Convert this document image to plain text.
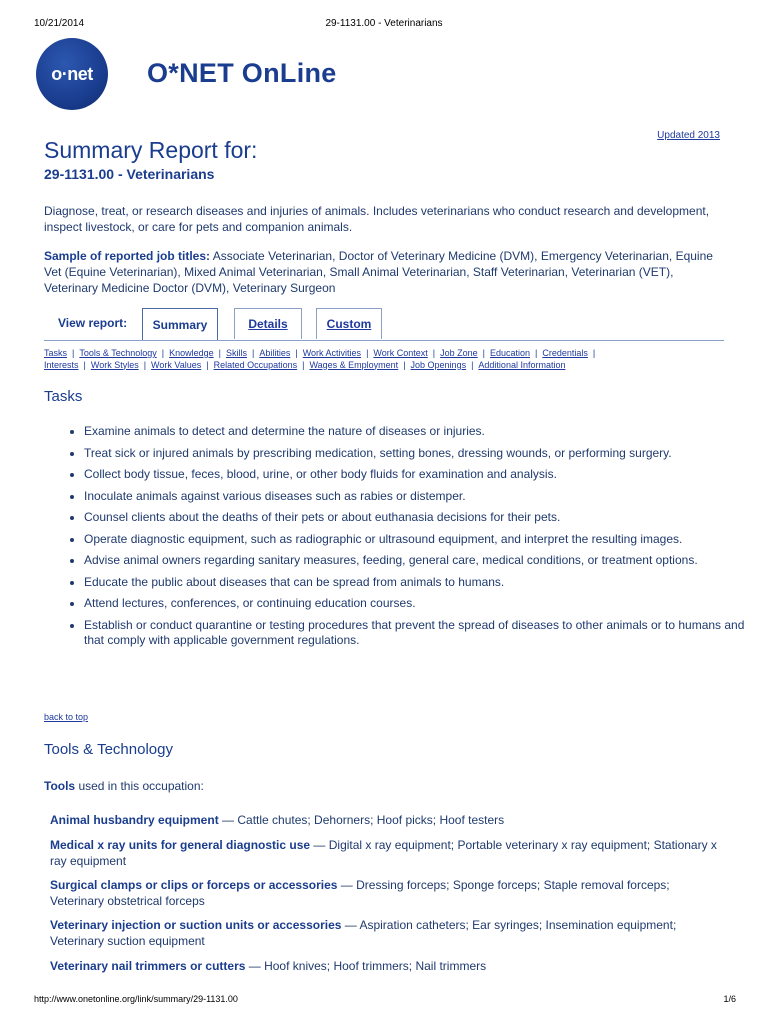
10/21/2014	29-1131.00 - Veterinarians
o·net O*NET OnLine
Updated 2013
Summary Report for:
29-1131.00 - Veterinarians
Diagnose, treat, or research diseases and injuries of animals. Includes veterinarians who conduct research and development, inspect livestock, or care for pets and companion animals.
Sample of reported job titles: Associate Veterinarian, Doctor of Veterinary Medicine (DVM), Emergency Veterinarian, Equine Vet (Equine Veterinarian), Mixed Animal Veterinarian, Small Animal Veterinarian, Staff Veterinarian, Veterinarian (VET), Veterinary Medicine Doctor (DVM), Veterinary Surgeon
View report:	Summary	Details	Custom
Tasks | Tools & Technology | Knowledge | Skills | Abilities | Work Activities | Work Context | Job Zone | Education | Credentials |
Interests | Work Styles | Work Values | Related Occupations | Wages & Employment | Job Openings | Additional Information
Tasks
• Examine animals to detect and determine the nature of diseases or injuries.
• Treat sick or injured animals by prescribing medication, setting bones, dressing wounds, or performing surgery.
• Collect body tissue, feces, blood, urine, or other body fluids for examination and analysis.
• Inoculate animals against various diseases such as rabies or distemper.
• Counsel clients about the deaths of their pets or about euthanasia decisions for their pets.
• Operate diagnostic equipment, such as radiographic or ultrasound equipment, and interpret the resulting images.
• Advise animal owners regarding sanitary measures, feeding, general care, medical conditions, or treatment options.
• Educate the public about diseases that can be spread from animals to humans.
• Attend lectures, conferences, or continuing education courses.
• Establish or conduct quarantine or testing procedures that prevent the spread of diseases to other animals or to humans and that comply with applicable government regulations.
back to top
Tools & Technology
Tools used in this occupation:
Animal husbandry equipment — Cattle chutes; Dehorners; Hoof picks; Hoof testers
Medical x ray units for general diagnostic use — Digital x ray equipment; Portable veterinary x ray equipment; Stationary x ray equipment
Surgical clamps or clips or forceps or accessories — Dressing forceps; Sponge forceps; Staple removal forceps; Veterinary obstetrical forceps
Veterinary injection or suction units or accessories — Aspiration catheters; Ear syringes; Insemination equipment; Veterinary suction equipment
Veterinary nail trimmers or cutters — Hoof knives; Hoof trimmers; Nail trimmers
http://www.onetonline.org/link/summary/29-1131.00	1/6
